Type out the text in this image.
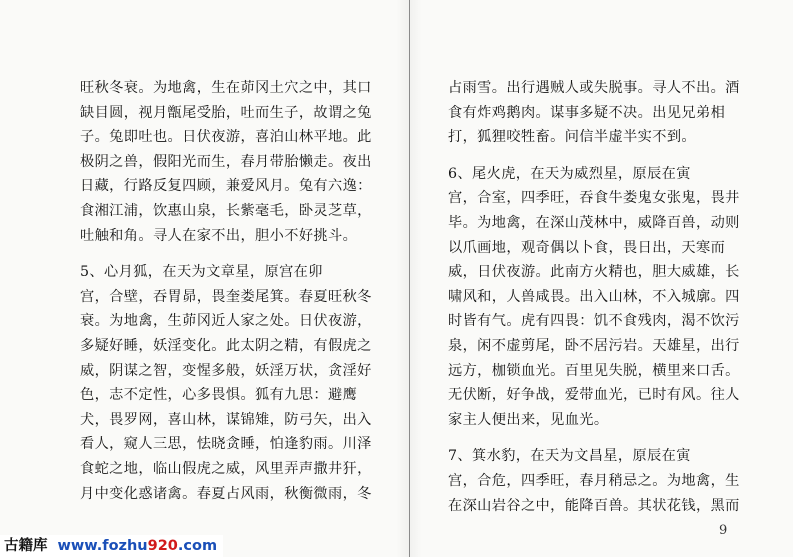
旺秋冬衰。为地禽，生在茆冈土穴之中，其口
缺目圆，视月甑尾受胎，吐而生子，故谓之兔
子。兔即吐也。日伏夜游，喜泊山林平地。此
极阴之兽，假阳光而生，春月带胎懒走。夜出
日藏，行路反复四顾，兼爱风月。兔有六逸：
食湘江浦，饮惠山泉，长紫毫毛，卧灵芝草，
吐触和角。寻人在家不出，胆小不好挑斗。
5、心月狐，在天为文章星，原宫在卯
宫，合壁，吞胃昴，畏奎娄尾箕。春夏旺秋冬
衰。为地禽，生茆冈近人家之处。日伏夜游，
多疑好睡，妖淫变化。此太阴之精，有假虎之
威，阴谋之智，变惺多般，妖淫万状，贪淫好
色，志不定性，心多畏惧。狐有九思：避鹰
犬，畏罗网，喜山林，谋锦雉，防弓矢，出入
看人，窥人三思，怯晓贪睡，怕逢豹雨。川泽
食蛇之地，临山假虎之威，风里弄声撒井犴，
月中变化惑诸禽。春夏占风雨，秋衡微雨，冬
占雨雪。出行遇贼人或失脱事。寻人不出。酒
食有炸鸡鹅肉。谋事多疑不决。出见兄弟相
打，狐狸咬牲畜。问信半虚半实不到。
6、尾火虎，在天为威烈星，原辰在寅
宫，合室，四季旺，吞食牛娄鬼女张鬼，畏井
毕。为地禽，在深山茂林中，威降百兽，动则
以爪画地，观奇偶以卜食，畏日出，天寒而
威，日伏夜游。此南方火精也，胆大威雄，长
啸风和，人兽咸畏。出入山林，不入城廓。四
时皆有气。虎有四畏：饥不食残肉，渴不饮污
泉，闲不虚剪尾，卧不居污岩。天雄星，出行
远方，枷锁血光。百里见失脱，横里来口舌。
无伏断，好争战，爱带血光，已时有风。往人
家主人便出来，见血光。
7、箕水豹，在天为文昌星，原辰在寅
宫，合危，四季旺，春月稍忌之。为地禽，生
在深山岩谷之中，能降百兽。其状花钱，黑而
9
古籍库 www.fozhu920.com
